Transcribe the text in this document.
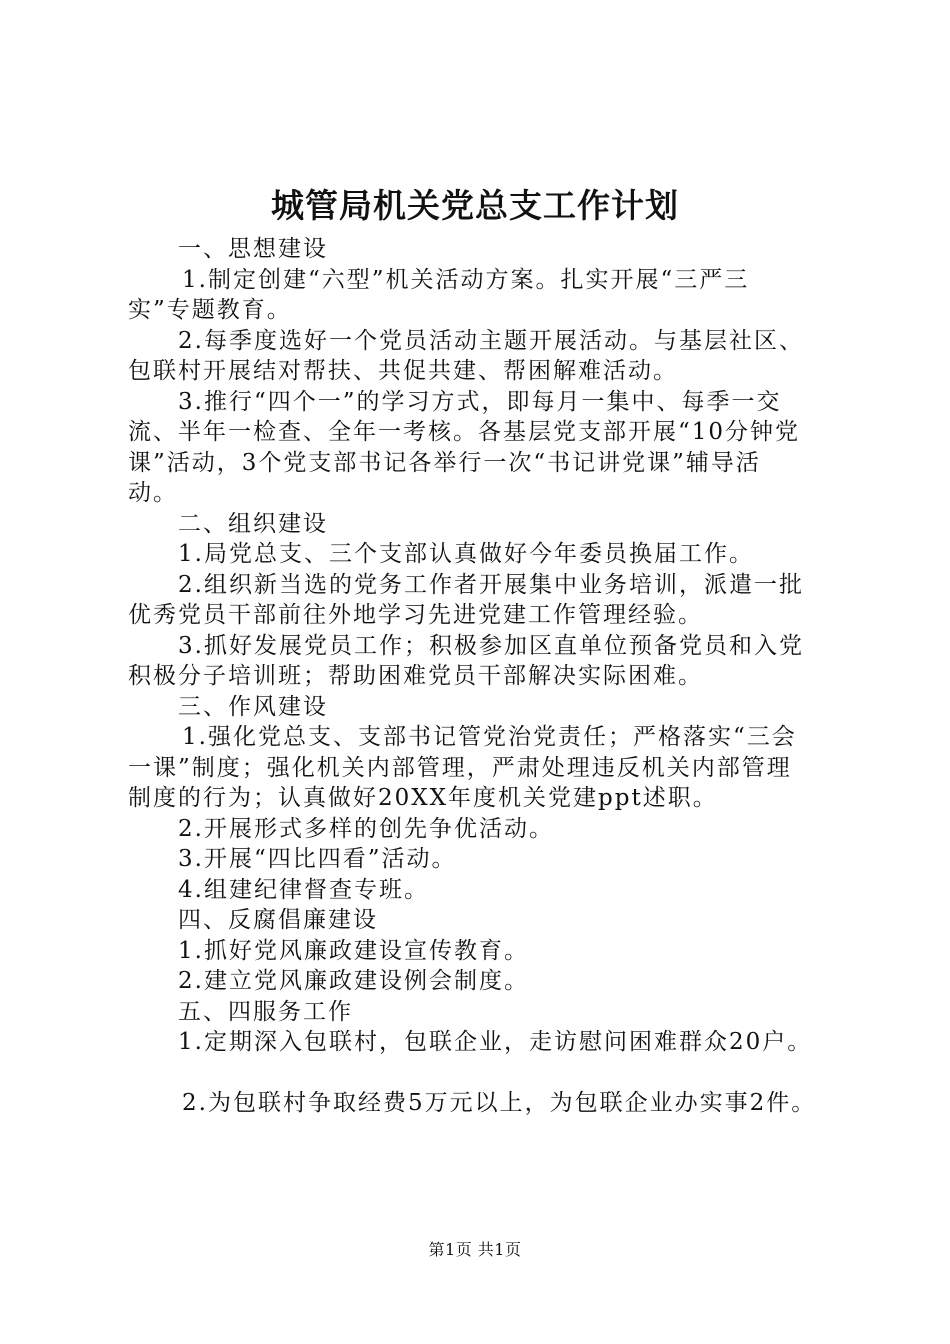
城管局机关党总支工作计划
一、思想建设
1.制定创建“六型”机关活动方案。扎实开展“三严三
实”专题教育。
2.每季度选好一个党员活动主题开展活动。与基层社区、
包联村开展结对帮扶、共促共建、帮困解难活动。
3.推行“四个一”的学习方式，即每月一集中、每季一交
流、半年一检查、全年一考核。各基层党支部开展“10分钟党
课”活动，3个党支部书记各举行一次“书记讲党课”辅导活
动。
二、组织建设
1.局党总支、三个支部认真做好今年委员换届工作。
2.组织新当选的党务工作者开展集中业务培训，派遣一批
优秀党员干部前往外地学习先进党建工作管理经验。
3.抓好发展党员工作；积极参加区直单位预备党员和入党
积极分子培训班；帮助困难党员干部解决实际困难。
三、作风建设
1.强化党总支、支部书记管党治党责任；严格落实“三会
一课”制度；强化机关内部管理，严肃处理违反机关内部管理
制度的行为；认真做好20XX年度机关党建ppt述职。
2.开展形式多样的创先争优活动。
3.开展“四比四看”活动。
4.组建纪律督查专班。
四、反腐倡廉建设
1.抓好党风廉政建设宣传教育。
2.建立党风廉政建设例会制度。
五、四服务工作
1.定期深入包联村，包联企业，走访慰问困难群众20户。
2.为包联村争取经费5万元以上，为包联企业办实事2件。
第1页 共1页
